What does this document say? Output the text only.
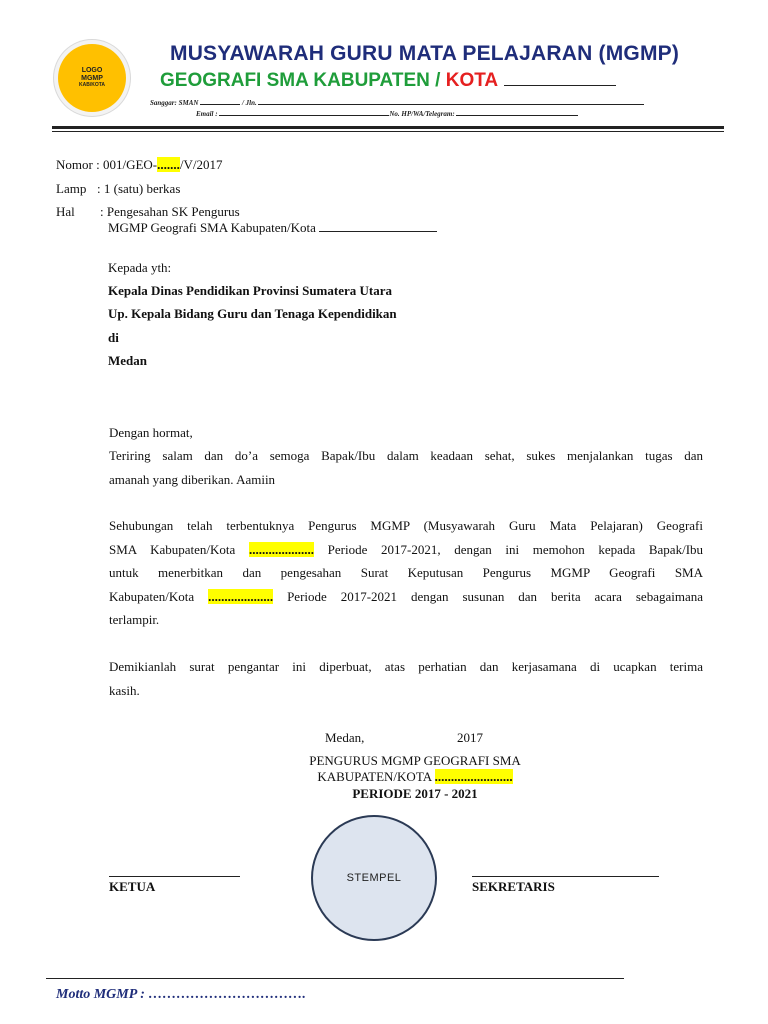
LOGO
MGMP
KAB/KOTA
MUSYAWARAH GURU MATA PELAJARAN (MGMP)
GEOGRAFI SMA KABUPATEN / KOTA
Sanggar: SMAN	/ Jln.
Email :	No. HP/WA/Telegram:
Nomor : 001/GEO-......./V/2017
Lamp : 1 (satu) berkas
Hal : Pengesahan SK Pengurus
MGMP Geografi SMA Kabupaten/Kota
Kepada yth:
Kepala Dinas Pendidikan Provinsi Sumatera Utara
Up. Kepala Bidang Guru dan Tenaga Kependidikan
di
Medan
Dengan hormat,
Teriring salam dan do’a semoga Bapak/Ibu dalam keadaan sehat, sukes menjalankan tugas dan
amanah yang diberikan. Aamiin
Sehubungan telah terbentuknya Pengurus MGMP (Musyawarah Guru Mata Pelajaran) Geografi
SMA Kabupaten/Kota .................... Periode 2017-2021, dengan ini memohon kepada Bapak/Ibu
untuk menerbitkan dan pengesahan Surat Keputusan Pengurus MGMP Geografi SMA
Kabupaten/Kota .................... Periode 2017-2021 dengan susunan dan berita acara sebagaimana
terlampir.
Demikianlah surat pengantar ini diperbuat, atas perhatian dan kerjasamana di ucapkan terima
kasih.
Medan,	2017
PENGURUS MGMP GEOGRAFI SMA
KABUPATEN/KOTA ........................
PERIODE 2017 - 2021
STEMPEL
KETUA	SEKRETARIS
Motto MGMP : …………………………….
